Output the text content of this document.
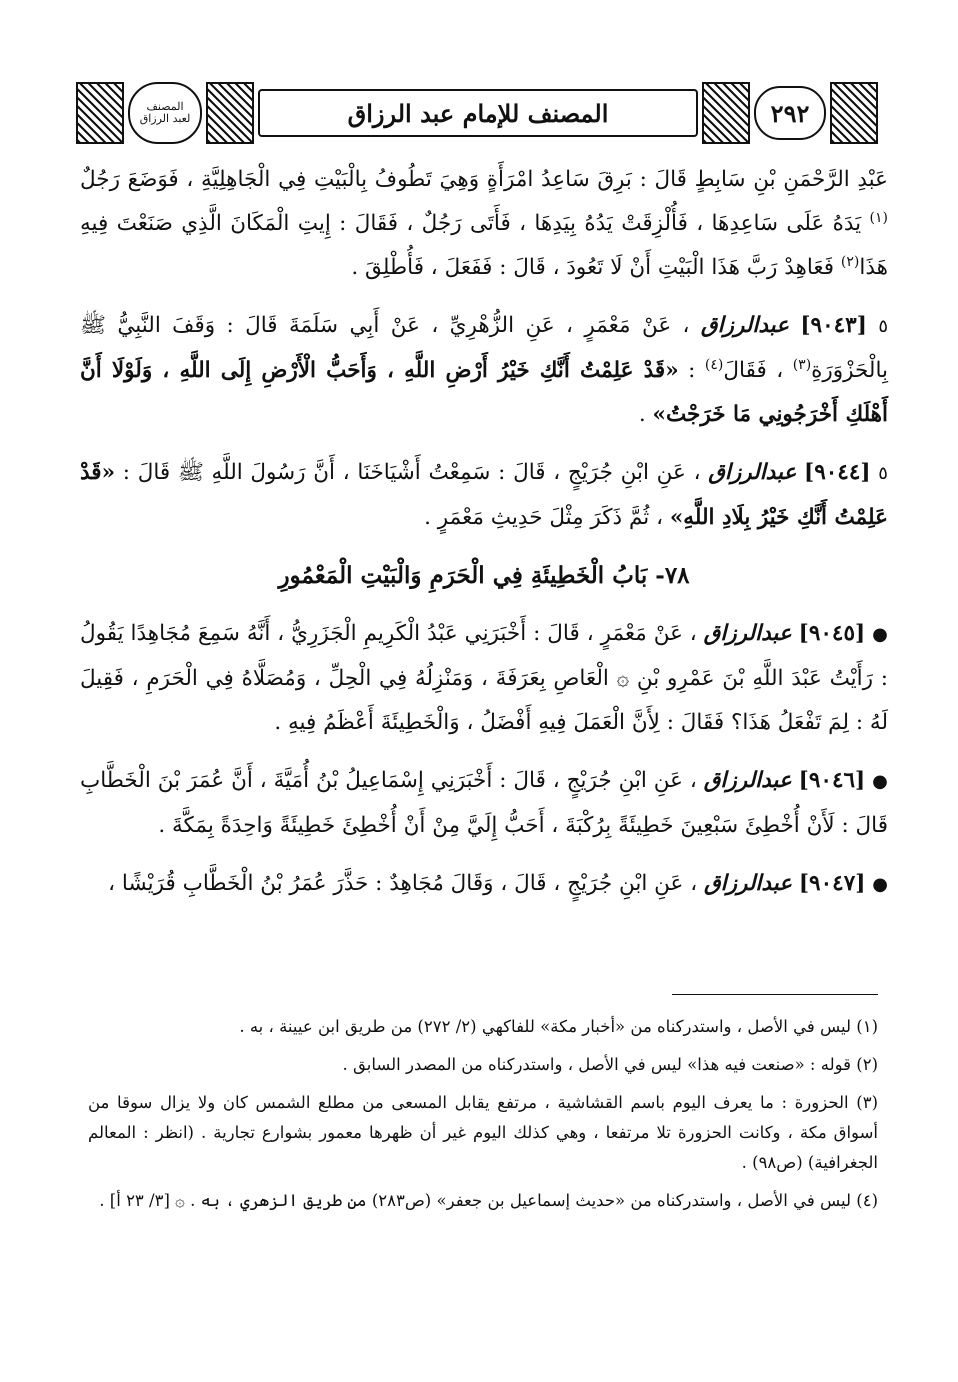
المصنف
لعبد الرزاق	المصنف للإمام عبد الرزاق	٢٩٢

عَبْدِ الرَّحْمَنِ بْنِ سَابِطٍ قَالَ : بَرِقَ سَاعِدُ امْرَأَةٍ وَهِيَ تَطُوفُ بِالْبَيْتِ فِي الْجَاهِلِيَّةِ ، فَوَضَعَ رَجُلٌ $^{(١)}$ يَدَهُ عَلَى سَاعِدِهَا ، فَأُلْزِقَتْ يَدُهُ بِيَدِهَا ، فَأَتَى رَجُلٌ ، فَقَالَ : إِيتِ الْمَكَانَ الَّذِي صَنَعْتَ فِيهِ هَذَا$^{(٢)}$ فَعَاهِدْ رَبَّ هَذَا الْبَيْتِ أَنْ لَا تَعُودَ ، قَالَ : فَفَعَلَ ، فَأُطْلِقَ .

٥ [٩٠٤٣] عبدالرزاق ، عَنْ مَعْمَرٍ ، عَنِ الزُّهْرِيِّ ، عَنْ أَبِي سَلَمَةَ قَالَ : وَقَفَ النَّبِيُّ ﷺ بِالْحَزْوَرَةِ$^{(٣)}$ ، فَقَالَ$^{(٤)}$ : «قَدْ عَلِمْتُ أَنَّكِ خَيْرُ أَرْضِ اللَّهِ ، وَأَحَبُّ الْأَرْضِ إِلَى اللَّهِ ، وَلَوْلَا أَنَّ أَهْلَكِ أَخْرَجُونِي مَا خَرَجْتُ» .

٥ [٩٠٤٤] عبدالرزاق ، عَنِ ابْنِ جُرَيْجٍ ، قَالَ : سَمِعْتُ أَشْيَاخَنَا ، أَنَّ رَسُولَ اللَّهِ ﷺ قَالَ : «قَدْ عَلِمْتُ أَنَّكِ خَيْرُ بِلَادِ اللَّهِ» ، ثُمَّ ذَكَرَ مِثْلَ حَدِيثِ مَعْمَرٍ .

٧٨- بَابُ الْخَطِيئَةِ فِي الْحَرَمِ وَالْبَيْتِ الْمَعْمُورِ

● [٩٠٤٥] عبدالرزاق ، عَنْ مَعْمَرٍ ، قَالَ : أَخْبَرَنِي عَبْدُ الْكَرِيمِ الْجَزَرِيُّ ، أَنَّهُ سَمِعَ مُجَاهِدًا يَقُولُ : رَأَيْتُ عَبْدَ اللَّهِ بْنَ عَمْرِو بْنِ ۞ الْعَاصِ بِعَرَفَةَ ، وَمَنْزِلُهُ فِي الْحِلِّ ، وَمُصَلَّاهُ فِي الْحَرَمِ ، فَقِيلَ لَهُ : لِمَ تَفْعَلُ هَذَا؟ فَقَالَ : لِأَنَّ الْعَمَلَ فِيهِ أَفْضَلُ ، وَالْخَطِيئَةَ أَعْظَمُ فِيهِ .

● [٩٠٤٦] عبدالرزاق ، عَنِ ابْنِ جُرَيْجٍ ، قَالَ : أَخْبَرَنِي إِسْمَاعِيلُ بْنُ أُمَيَّةَ ، أَنَّ عُمَرَ بْنَ الْخَطَّابِ قَالَ : لَأَنْ أُخْطِئَ سَبْعِينَ خَطِيئَةً بِرُكْبَةَ ، أَحَبُّ إِلَيَّ مِنْ أَنْ أُخْطِئَ خَطِيئَةً وَاحِدَةً بِمَكَّةَ .

● [٩٠٤٧] عبدالرزاق ، عَنِ ابْنِ جُرَيْجٍ ، قَالَ ، وَقَالَ مُجَاهِدٌ : حَذَّرَ عُمَرُ بْنُ الْخَطَّابِ قُرَيْشًا ،

(١) ليس في الأصل ، واستدركناه من «أخبار مكة» للفاكهي (٢/ ٢٧٢) من طريق ابن عيينة ، به .

(٢) قوله : «صنعت فيه هذا» ليس في الأصل ، واستدركناه من المصدر السابق .

(٣) الحزورة : ما يعرف اليوم باسم القشاشية ، مرتفع يقابل المسعى من مطلع الشمس كان ولا يزال سوقا من أسواق مكة ، وكانت الحزورة تلا مرتفعا ، وهي كذلك اليوم غير أن ظهرها معمور بشوارع تجارية . (انظر : المعالم الجغرافية) (ص٩٨) .

(٤) ليس في الأصل ، واستدركناه من «حديث إسماعيل بن جعفر» (ص٢٨٣) من طريق الزهري ، به . ۞ [٣/ ٢٣ أ] .
